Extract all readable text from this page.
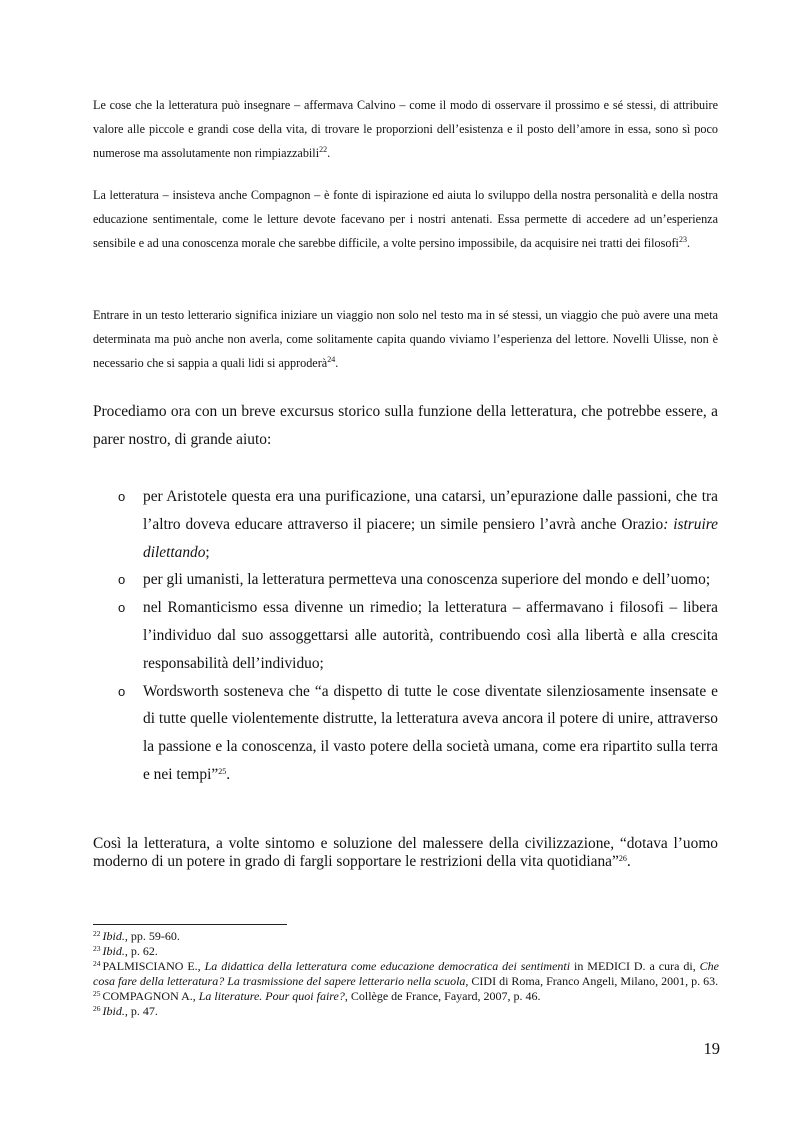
Le cose che la letteratura può insegnare – affermava Calvino – come il modo di osservare il prossimo e sé stessi, di attribuire valore alle piccole e grandi cose della vita, di trovare le proporzioni dell’esistenza e il posto dell’amore in essa, sono sì poco numerose ma assolutamente non rimpiazzabili$^{22}$.

La letteratura – insisteva anche Compagnon – è fonte di ispirazione ed aiuta lo sviluppo della nostra personalità e della nostra educazione sentimentale, come le letture devote facevano per i nostri antenati. Essa permette di accedere ad un’esperienza sensibile e ad una conoscenza morale che sarebbe difficile, a volte persino impossibile, da acquisire nei tratti dei filosofi$^{23}$.

Entrare in un testo letterario significa iniziare un viaggio non solo nel testo ma in sé stessi, un viaggio che può avere una meta determinata ma può anche non averla, come solitamente capita quando viviamo l’esperienza del lettore. Novelli Ulisse, non è necessario che si sappia a quali lidi si approderà$^{24}$.

Procediamo ora con un breve excursus storico sulla funzione della letteratura, che potrebbe essere, a parer nostro, di grande aiuto:

o per Aristotele questa era una purificazione, una catarsi, un’epurazione dalle passioni, che tra l’altro doveva educare attraverso il piacere; un simile pensiero l’avrà anche Orazio: istruire dilettando;
o per gli umanisti, la letteratura permetteva una conoscenza superiore del mondo e dell’uomo;
o nel Romanticismo essa divenne un rimedio; la letteratura – affermavano i filosofi – libera l’individuo dal suo assoggettarsi alle autorità, contribuendo così alla libertà e alla crescita responsabilità dell’individuo;
o Wordsworth sosteneva che “a dispetto di tutte le cose diventate silenziosamente insensate e di tutte quelle violentemente distrutte, la letteratura aveva ancora il potere di unire, attraverso la passione e la conoscenza, il vasto potere della società umana, come era ripartito sulla terra e nei tempi”$^{25}$.

Così la letteratura, a volte sintomo e soluzione del malessere della civilizzazione, “dotava l’uomo moderno di un potere in grado di fargli sopportare le restrizioni della vita quotidiana”$^{26}$.

$^{22}$ Ibid., pp. 59-60.

$^{23}$ Ibid., p. 62.

$^{24}$ PALMISCIANO E., La didattica della letteratura come educazione democratica dei sentimenti in MEDICI D. a cura di, Che cosa fare della letteratura? La trasmissione del sapere letterario nella scuola, CIDI di Roma, Franco Angeli, Milano, 2001, p. 63.

$^{25}$ COMPAGNON A., La literature. Pour quoi faire?, Collège de France, Fayard, 2007, p. 46.

$^{26}$ Ibid., p. 47.

19
